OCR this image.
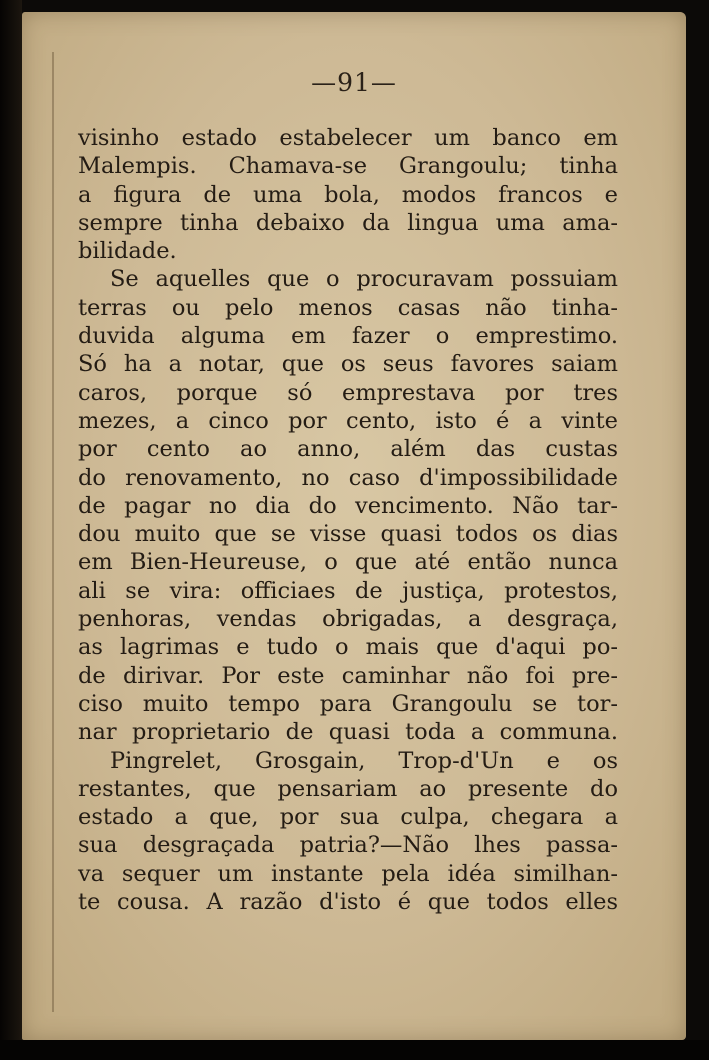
—91—
visinho estado estabelecer um banco em
Malempis. Chamava-se Grangoulu; tinha
a figura de uma bola, modos francos e
sempre tinha debaixo da lingua uma ama-
bilidade.
Se aquelles que o procuravam possuiam
terras ou pelo menos casas não tinha-
duvida alguma em fazer o emprestimo.
Só ha a notar, que os seus favores saiam
caros, porque só emprestava por tres
mezes, a cinco por cento, isto é a vinte
por cento ao anno, além das custas
do renovamento, no caso d'impossibilidade
de pagar no dia do vencimento. Não tar-
dou muito que se visse quasi todos os dias
em Bien-Heureuse, o que até então nunca
ali se vira: officiaes de justiça, protestos,
penhoras, vendas obrigadas, a desgraça,
as lagrimas e tudo o mais que d'aqui po-
de dirivar. Por este caminhar não foi pre-
ciso muito tempo para Grangoulu se tor-
nar proprietario de quasi toda a communa.
Pingrelet, Grosgain, Trop-d'Un e os
restantes, que pensariam ao presente do
estado a que, por sua culpa, chegara a
sua desgraçada patria?—Não lhes passa-
va sequer um instante pela idéa similhan-
te cousa. A razão d'isto é que todos elles
